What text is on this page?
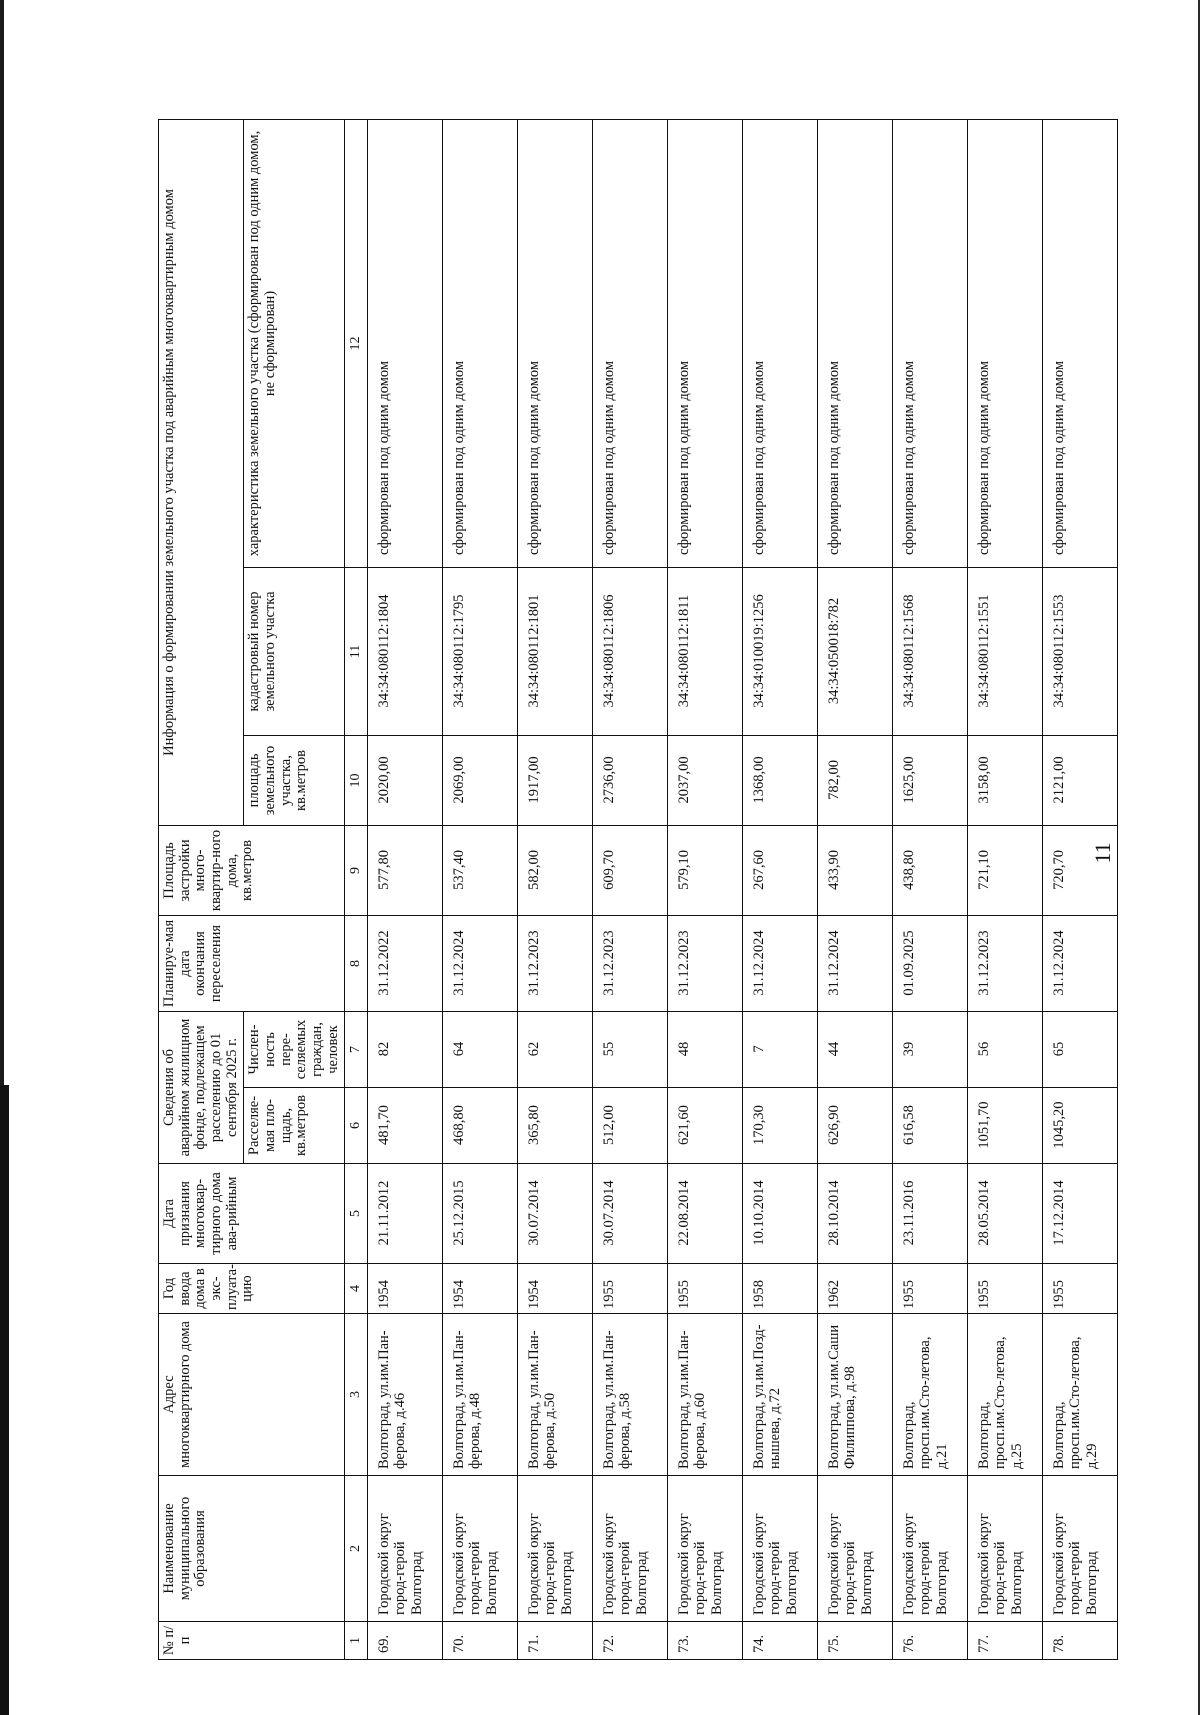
11
№ п/п	Наименование муниципального образования	Адрес многоквартирного дома	Год ввода дома в экс-плуата-цию	Дата признания многоквар-тирного дома ава-рийным	Сведения об аварийном жилищном фонде, подлежащем расселению до 01 сентября 2025 г.		Планируе-мая дата окончания переселения	Площадь застройки много-квартир-ного дома, кв.метров	Информация о формировании земельного участка под аварийным многоквартирным домом		
					Расселяе-мая пло-щадь, кв.метров	Числен-ность пере-селяемых граждан, человек			площадь земельного участка, кв.метров	кадастровый номер земельного участка	характеристика земельного участка (сформирован под одним домом, не сформирован)
1	2	3	4	5	6	7	8	9	10	11	12
69.	Городской округ город-герой Волгоград	Волгоград, ул.им.Пан-ферова, д.46	1954	21.11.2012	481,70	82	31.12.2022	577,80	2020,00	34:34:080112:1804	сформирован под одним домом
70.	Городской округ город-герой Волгоград	Волгоград, ул.им.Пан-ферова, д.48	1954	25.12.2015	468,80	64	31.12.2024	537,40	2069,00	34:34:080112:1795	сформирован под одним домом
71.	Городской округ город-герой Волгоград	Волгоград, ул.им.Пан-ферова, д.50	1954	30.07.2014	365,80	62	31.12.2023	582,00	1917,00	34:34:080112:1801	сформирован под одним домом
72.	Городской округ город-герой Волгоград	Волгоград, ул.им.Пан-ферова, д.58	1955	30.07.2014	512,00	55	31.12.2023	609,70	2736,00	34:34:080112:1806	сформирован под одним домом
73.	Городской округ город-герой Волгоград	Волгоград, ул.им.Пан-ферова, д.60	1955	22.08.2014	621,60	48	31.12.2023	579,10	2037,00	34:34:080112:1811	сформирован под одним домом
74.	Городской округ город-герой Волгоград	Волгоград, ул.им.Позд-нышева, д.72	1958	10.10.2014	170,30	7	31.12.2024	267,60	1368,00	34:34:010019:1256	сформирован под одним домом
75.	Городской округ город-герой Волгоград	Волгоград, ул.им.Саши Филиппова, д.98	1962	28.10.2014	626,90	44	31.12.2024	433,90	782,00	34:34:050018:782	сформирован под одним домом
76.	Городской округ город-герой Волгоград	Волгоград, просп.им.Сто-летова, д.21	1955	23.11.2016	616,58	39	01.09.2025	438,80	1625,00	34:34:080112:1568	сформирован под одним домом
77.	Городской округ город-герой Волгоград	Волгоград, просп.им.Сто-летова, д.25	1955	28.05.2014	1051,70	56	31.12.2023	721,10	3158,00	34:34:080112:1551	сформирован под одним домом
78.	Городской округ город-герой Волгоград	Волгоград, просп.им.Сто-летова, д.29	1955	17.12.2014	1045,20	65	31.12.2024	720,70	2121,00	34:34:080112:1553	сформирован под одним домом
